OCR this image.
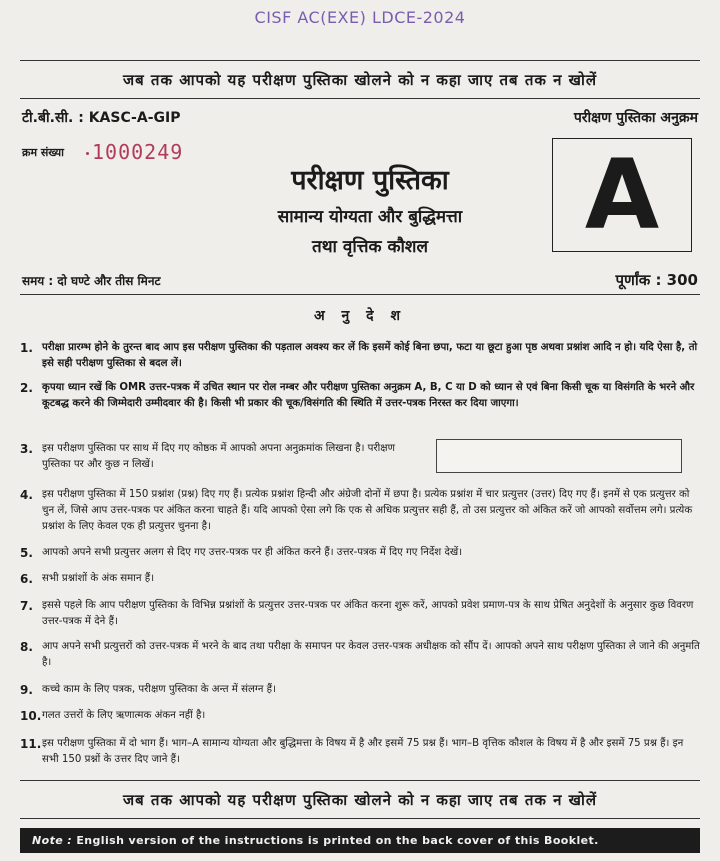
CISF AC(EXE) LDCE-2024
जब तक आपको यह परीक्षण पुस्तिका खोलने को न कहा जाए तब तक न खोलें
टी.बी.सी. : KASC-A-GIP	परीक्षण पुस्तिका अनुक्रम
क्रम संख्या 1000249
परीक्षण पुस्तिका
सामान्य योग्यता और बुद्धिमत्ता
तथा वृत्तिक कौशल	A
समय : दो घण्टे और तीस मिनट	पूर्णांक : 300
अ नु दे श
1. परीक्षा प्रारम्भ होने के तुरन्त बाद आप इस परीक्षण पुस्तिका की पड़ताल अवश्य कर लें कि इसमें कोई बिना छपा, फटा या छूटा हुआ पृष्ठ अथवा प्रश्नांश आदि न हो। यदि ऐसा है, तो इसे सही परीक्षण पुस्तिका से बदल लें।
2. कृपया ध्यान रखें कि OMR उत्तर-पत्रक में उचित स्थान पर रोल नम्बर और परीक्षण पुस्तिका अनुक्रम A, B, C या D को ध्यान से एवं बिना किसी चूक या विसंगति के भरने और कूटबद्ध करने की जिम्मेदारी उम्मीदवार की है। किसी भी प्रकार की चूक/विसंगति की स्थिति में उत्तर-पत्रक निरस्त कर दिया जाएगा।
3. इस परीक्षण पुस्तिका पर साथ में दिए गए कोष्ठक में आपको अपना अनुक्रमांक लिखना है। परीक्षण पुस्तिका पर और कुछ न लिखें।
4. इस परीक्षण पुस्तिका में 150 प्रश्नांश (प्रश्न) दिए गए हैं। प्रत्येक प्रश्नांश हिन्दी और अंग्रेजी दोनों में छपा है। प्रत्येक प्रश्नांश में चार प्रत्युत्तर (उत्तर) दिए गए हैं। इनमें से एक प्रत्युत्तर को चुन लें, जिसे आप उत्तर-पत्रक पर अंकित करना चाहते हैं। यदि आपको ऐसा लगे कि एक से अधिक प्रत्युत्तर सही हैं, तो उस प्रत्युत्तर को अंकित करें जो आपको सर्वोत्तम लगे। प्रत्येक प्रश्नांश के लिए केवल एक ही प्रत्युत्तर चुनना है।
5. आपको अपने सभी प्रत्युत्तर अलग से दिए गए उत्तर-पत्रक पर ही अंकित करने हैं। उत्तर-पत्रक में दिए गए निर्देश देखें।
6. सभी प्रश्नांशों के अंक समान हैं।
7. इससे पहले कि आप परीक्षण पुस्तिका के विभिन्न प्रश्नांशों के प्रत्युत्तर उत्तर-पत्रक पर अंकित करना शुरू करें, आपको प्रवेश प्रमाण-पत्र के साथ प्रेषित अनुदेशों के अनुसार कुछ विवरण उत्तर-पत्रक में देने हैं।
8. आप अपने सभी प्रत्युत्तरों को उत्तर-पत्रक में भरने के बाद तथा परीक्षा के समापन पर केवल उत्तर-पत्रक अधीक्षक को सौंप दें। आपको अपने साथ परीक्षण पुस्तिका ले जाने की अनुमति है।
9. कच्चे काम के लिए पत्रक, परीक्षण पुस्तिका के अन्त में संलग्न हैं।
10. गलत उत्तरों के लिए ऋणात्मक अंकन नहीं है।
11. इस परीक्षण पुस्तिका में दो भाग हैं। भाग–A सामान्य योग्यता और बुद्धिमत्ता के विषय में है और इसमें 75 प्रश्न हैं। भाग–B वृत्तिक कौशल के विषय में है और इसमें 75 प्रश्न हैं। इन सभी 150 प्रश्नों के उत्तर दिए जाने हैं।
जब तक आपको यह परीक्षण पुस्तिका खोलने को न कहा जाए तब तक न खोलें
Note : English version of the instructions is printed on the back cover of this Booklet.
